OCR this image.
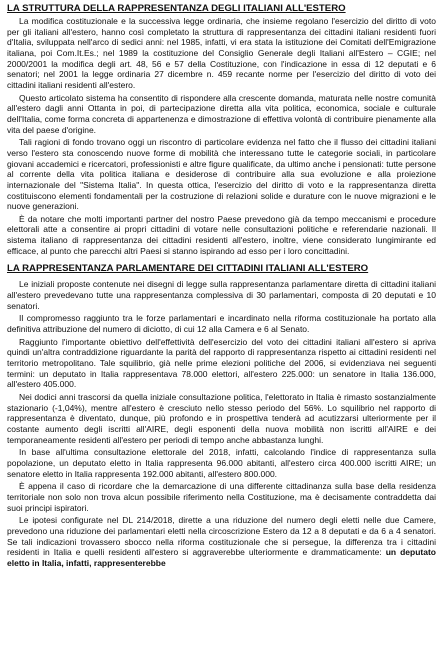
LA STRUTTURA DELLA RAPPRESENTANZA DEGLI ITALIANI ALL'ESTERO

La modifica costituzionale e la successiva legge ordinaria, che insieme regolano l'esercizio del diritto di voto per gli italiani all'estero, hanno così completato la struttura di rappresentanza dei cittadini italiani residenti fuori d'Italia, sviluppata nell'arco di sedici anni: nel 1985, infatti, vi era stata la istituzione dei Comitati dell'Emigrazione italiana, poi Com.It.Es.; nel 1989 la costituzione del Consiglio Generale degli Italiani all'Estero – CGIE; nel 2000/2001 la modifica degli art. 48, 56 e 57 della Costituzione, con l'indicazione in essa di 12 deputati e 6 senatori; nel 2001 la legge ordinaria 27 dicembre n. 459 recante norme per l'esercizio del diritto di voto dei cittadini italiani residenti all'estero.

Questo articolato sistema ha consentito di rispondere alla crescente domanda, maturata nelle nostre comunità all'estero dagli anni Ottanta in poi, di partecipazione diretta alla vita politica, economica, sociale e culturale dell'Italia, come forma concreta di appartenenza e dimostrazione di effettiva volontà di contribuire pienamente alla vita del paese d'origine.

Tali ragioni di fondo trovano oggi un riscontro di particolare evidenza nel fatto che il flusso dei cittadini italiani verso l'estero sta conoscendo nuove forme di mobilità che interessano tutte le categorie sociali, in particolare giovani accademici e ricercatori, professionisti e altre figure qualificate, da ultimo anche i pensionati: tutte persone al corrente della vita politica italiana e desiderose di contribuire alla sua evoluzione e alla proiezione internazionale del "Sistema Italia". In questa ottica, l'esercizio del diritto di voto e la rappresentanza diretta costituiscono elementi fondamentali per la costruzione di relazioni solide e durature con le nuove migrazioni e le nuove generazioni.

È da notare che molti importanti partner del nostro Paese prevedono già da tempo meccanismi e procedure elettorali atte a consentire ai propri cittadini di votare nelle consultazioni politiche e referendarie nazionali. Il sistema italiano di rappresentanza dei cittadini residenti all'estero, inoltre, viene considerato lungimirante ed efficace, al punto che parecchi altri Paesi si stanno ispirando ad esso per i loro concittadini.

LA RAPPRESENTANZA PARLAMENTARE DEI CITTADINI ITALIANI ALL'ESTERO

Le iniziali proposte contenute nei disegni di legge sulla rappresentanza parlamentare diretta di cittadini italiani all'estero prevedevano tutte una rappresentanza complessiva di 30 parlamentari, composta di 20 deputati e 10 senatori.

Il compromesso raggiunto tra le forze parlamentari e incardinato nella riforma costituzionale ha portato alla definitiva attribuzione del numero di diciotto, di cui 12 alla Camera e 6 al Senato.

Raggiunto l'importante obiettivo dell'effettività dell'esercizio del voto dei cittadini italiani all'estero si apriva quindi un'altra contraddizione riguardante la parità del rapporto di rappresentanza rispetto ai cittadini residenti nel territorio metropolitano. Tale squilibrio, già nelle prime elezioni politiche del 2006, si evidenziava nei seguenti termini: un deputato in Italia rappresentava 78.000 elettori, all'estero 225.000: un senatore in Italia 136.000, all'estero 405.000.

Nei dodici anni trascorsi da quella iniziale consultazione politica, l'elettorato in Italia è rimasto sostanzialmente stazionario (-1,04%), mentre all'estero è cresciuto nello stesso periodo del 56%. Lo squilibrio nel rapporto di rappresentanza è diventato, dunque, più profondo e in prospettiva tenderà ad acutizzarsi ulteriormente per il costante aumento degli iscritti all'AIRE, degli esponenti della nuova mobilità non iscritti all'AIRE e dei temporaneamente residenti all'estero per periodi di tempo anche abbastanza lunghi.

In base all'ultima consultazione elettorale del 2018, infatti, calcolando l'indice di rappresentanza sulla popolazione, un deputato eletto in Italia rappresenta 96.000 abitanti, all'estero circa 400.000 iscritti AIRE; un senatore eletto in Italia rappresenta 192.000 abitanti, all'estero 800.000.

È appena il caso di ricordare che la demarcazione di una differente cittadinanza sulla base della residenza territoriale non solo non trova alcun possibile riferimento nella Costituzione, ma è decisamente contraddetta dai suoi principi ispiratori.

Le ipotesi configurate nel DL 214/2018, dirette a una riduzione del numero degli eletti nelle due Camere, prevedono una riduzione dei parlamentari eletti nella circoscrizione Estero da 12 a 8 deputati e da 6 a 4 senatori. Se tali indicazioni trovassero sbocco nella riforma costituzionale che si persegue, la differenza tra i cittadini residenti in Italia e quelli residenti all'estero si aggraverebbe ulteriormente e drammaticamente: un deputato eletto in Italia, infatti, rappresenterebbe
